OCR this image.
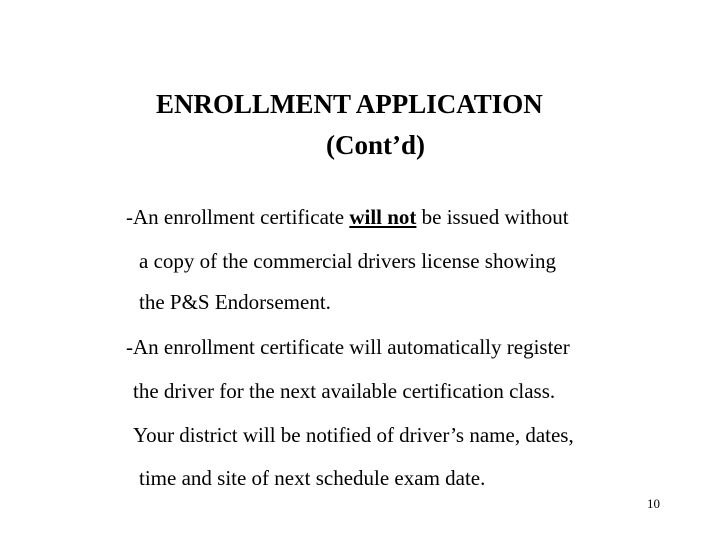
ENROLLMENT APPLICATION
(Cont’d)

-An enrollment certificate will not be issued without

a copy of the commercial drivers license showing

the P&S Endorsement.

-An enrollment certificate will automatically register

the driver for the next available certification class.

Your district will be notified of driver’s name, dates,

time and site of next schedule exam date.

10
